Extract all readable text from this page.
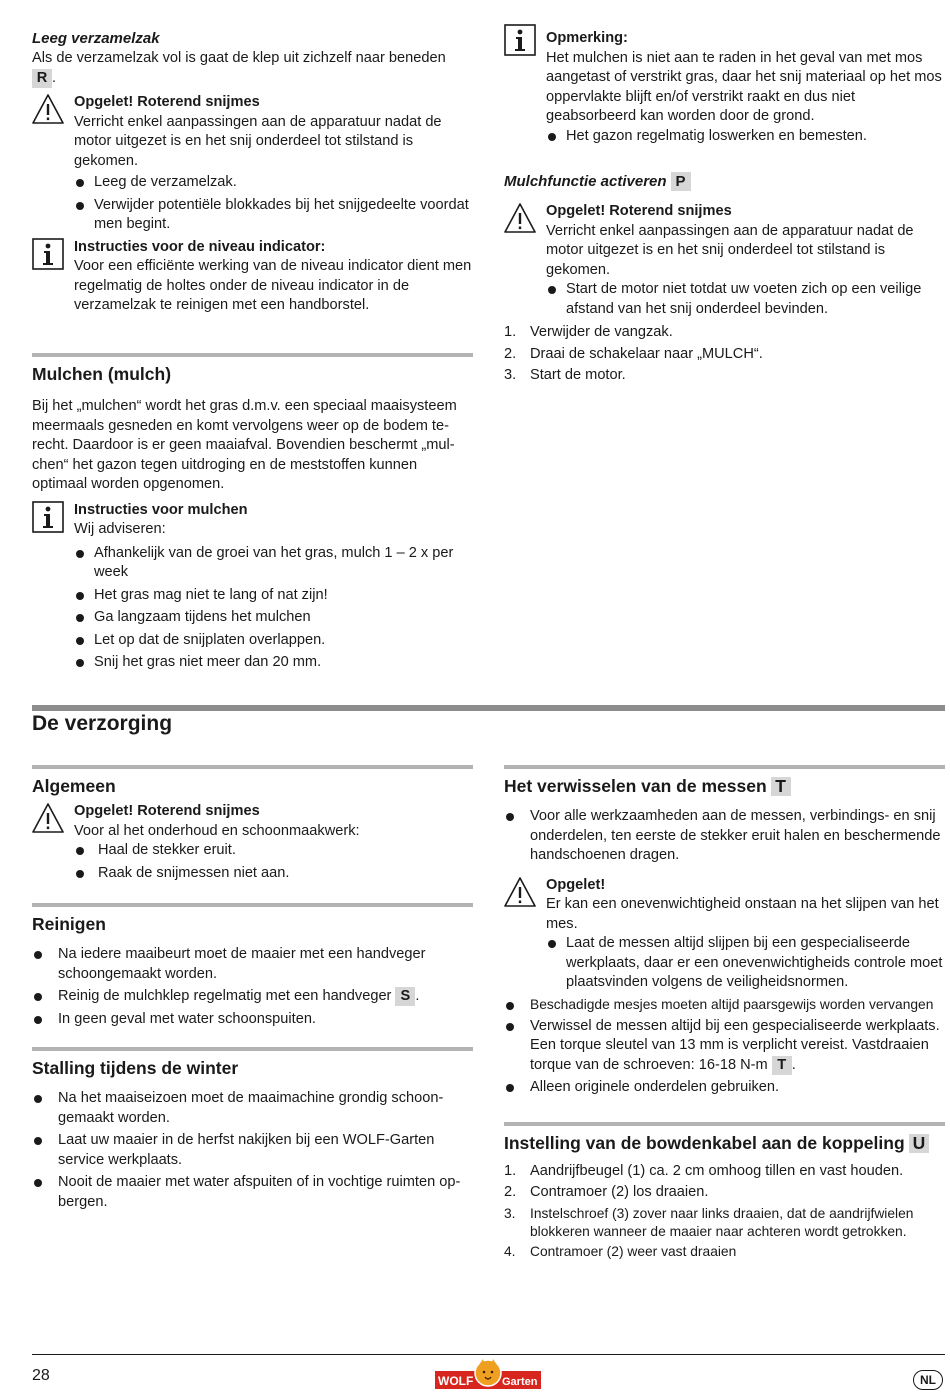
Leeg verzamelzak

Als de verzamelzak vol is gaat de klep uit zichzelf naar beneden
R .

Opgelet! Roterend snijmes

Verricht enkel aanpassingen aan de apparatuur nadat de motor uitgezet is en het snij onderdeel tot stilstand is gekomen.

Leeg de verzamelzak.
Verwijder potentiële blokkades bij het snijgedeelte voordat men begint.
Instructies voor de niveau indicator:

Voor een efficiënte werking van de niveau indicator dient men regelmatig de holtes onder de niveau indicator in de verzamelzak te reinigen met een handborstel.

Mulchen (mulch)

Bij het „mulchen“ wordt het gras d.m.v. een speciaal maaisysteem meermaals gesneden en komt vervolgens weer op de bodem terecht. Daardoor is er geen maaiafval. Bovendien beschermt „mulchen“ het gazon tegen uitdroging en de meststoffen kunnen optimaal worden opgenomen.

Instructies voor mulchen

Wij adviseren:

Afhankelijk van de groei van het gras, mulch 1 – 2 x per week
Het gras mag niet te lang of nat zijn!
Ga langzaam tijdens het mulchen
Let op dat de snijplaten overlappen.
Snij het gras niet meer dan 20 mm.
Opmerking:

Het mulchen is niet aan te raden in het geval van met mos aangetast of verstrikt gras, daar het snij materiaal op het mos oppervlakte blijft en/of verstrikt raakt en dus niet geabsorbeerd kan worden door de grond.

Het gazon regelmatig loswerken en bemesten.
Mulchfunctie activeren P
Opgelet! Roterend snijmes

Verricht enkel aanpassingen aan de apparatuur nadat de motor uitgezet is en het snij onderdeel tot stilstand is gekomen.

Start de motor niet totdat uw voeten zich op een veilige afstand van het snij onderdeel bevinden.
1. Verwijder de vangzak.
2. Draai de schakelaar naar „MULCH“.
3. Start de motor.
De verzorging
Algemeen
Opgelet! Roterend snijmes

Voor al het onderhoud en schoonmaakwerk:

Haal de stekker eruit.
Raak de snijmessen niet aan.
Reinigen
Na iedere maaibeurt moet de maaier met een handveger schoongemaakt worden.
Reinig de mulchklep regelmatig met een handveger S .
In geen geval met water schoonspuiten.
Stalling tijdens de winter
Na het maaiseizoen moet de maaimachine grondig schoongemaakt worden.
Laat uw maaier in de herfst nakijken bij een WOLF-Garten service werkplaats.
Nooit de maaier met water afspuiten of in vochtige ruimten opbergen.
Het verwisselen van de messen T
Voor alle werkzaamheden aan de messen, verbindings- en snij onderdelen, ten eerste de stekker eruit halen en beschermende handschoenen dragen.
Opgelet!

Er kan een onevenwichtigheid onstaan na het slijpen van het mes.

Laat de messen altijd slijpen bij een gespecialiseerde werkplaats, daar er een onevenwichtigheids controle moet plaatsvinden volgens de veiligheidsnormen.
Beschadigde mesjes moeten altijd paarsgewijs worden vervangen
Verwissel de messen altijd bij een gespecialiseerde werkplaats. Een torque sleutel van 13 mm is verplicht vereist. Vastdraaien torque van de schroeven: 16-18 N-m T .
Alleen originele onderdelen gebruiken.
Instelling van de bowdenkabel aan de koppeling U
1. Aandrijfbeugel (1) ca. 2 cm omhoog tillen en vast houden.
2. Contramoer (2) los draaien.
3. Instelschroef (3) zover naar links draaien, dat de aandrijfwielen blokkeren wanneer de maaier naar achteren wordt getrokken.
4. Contramoer (2) weer vast draaien
28	WOLF	Garten	NL
